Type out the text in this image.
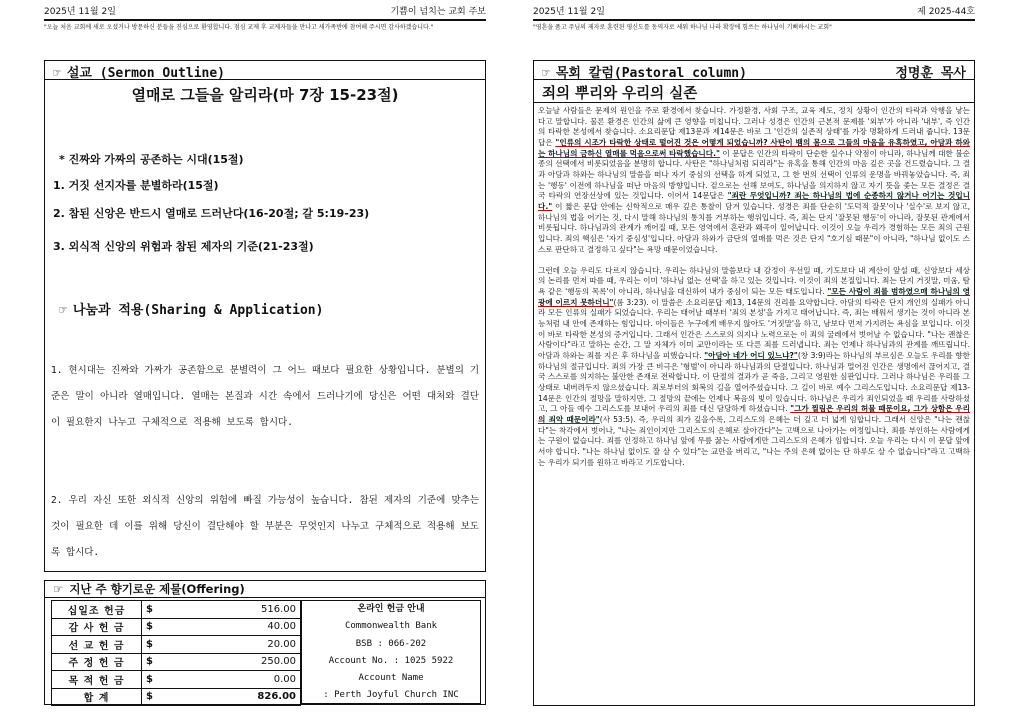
2025년 11월 2일	기쁨이 넘치는 교회 주보
"오늘 처음 교회에 새로 오셨거나 방문하신 분들을 진심으로 환영합니다. 점심 교제 후 교제자들을 만나고 새가족반에 참여해 주시면 감사하겠습니다."
2025년 11월 2일	제 2025-44호
"영혼을 품고 주님의 제자로 훈련된 평신도를 동역자로 세워 하나님 나라 확장에 힘쓰는 하나님이 기뻐하시는 교회"
☞ 설교 (Sermon Outline)
열매로 그들을 알리라(마 7장 15-23절)
* 진짜와 가짜의 공존하는 시대(15절)
1. 거짓 선지자를 분별하라(15절)
2. 참된 신앙은 반드시 열매로 드러난다(16-20절; 갈 5:19-23)
3. 외식적 신앙의 위험과 참된 제자의 기준(21-23절)
☞ 나눔과 적용(Sharing & Application)
1. 현시대는 진짜와 가짜가 공존함으로 분별력이 그 어느 때보다 필요한 상황입니다. 분별의 기준은 말이 아니라 열매입니다. 열매는 본질과 시간 속에서 드러나기에 당신은 어떤 대처와 결단이 필요한지 나누고 구체적으로 적용해 보도록 합시다.
2. 우리 자신 또한 외식적 신앙의 위험에 빠질 가능성이 높습니다. 참된 제자의 기준에 맞추는 것이 필요한 데 이를 위해 당신이 결단해야 할 부분은 무엇인지 나누고 구체적으로 적용해 보도록 합시다.
☞ 지난 주 향기로운 제물(Offering)
십일조 헌금	$ 516.00

감 사 헌 금	$ 40.00

선 교 헌 금	$ 20.00

주 정 헌 금	$ 250.00

목 적 헌 금	$ 0.00

합 계	$ 826.00
온라인 헌금 안내
Commonwealth Bank
BSB : 066-202
Account No. : 1025 5922
Account Name
: Perth Joyful Church INC
☞ 목회 칼럼(Pastoral column)	정명훈 목사
죄의 뿌리와 우리의 실존

오늘날 사람들은 문제의 원인을 주로 환경에서 찾습니다. 가정환경, 사회 구조, 교육 제도, 정치 상황이 인간의 타락과 악행을 낳는다고 말합니다. 물론 환경은 인간의 삶에 큰 영향을 미칩니다. 그러나 성경은 인간의 근본적 문제를 '외부'가 아니라 '내부', 즉 인간의 타락한 본성에서 찾습니다. 소요리문답 제13문과 제14문은 바로 그 '인간의 실존적 상태'를 가장 명확하게 드러내 줍니다. 13문답은 "인류의 시조가 타락한 상태로 떨어진 것은 어떻게 되었습니까? 사탄이 뱀의 몸으로 그들의 마음을 유혹하였고, 아담과 하와는 하나님의 금하신 열매를 먹음으로써 타락했습니다." 이 문답은 인간의 타락이 단순한 실수나 약점이 아니라, 하나님께 대한 불순종의 선택에서 비롯되었음을 분명히 합니다. 사탄은 "하나님처럼 되리라"는 유혹을 통해 인간의 마음 깊은 곳을 건드렸습니다. 그 결과 아담과 하와는 하나님의 말씀을 떠나 자기 중심의 선택을 하게 되었고, 그 한 번의 선택이 인류의 운명을 바꿔놓았습니다. 즉, 죄는 '행동' 이전에 하나님을 떠난 마음의 방향입니다. 겉으로는 선해 보여도, 하나님을 의지하지 않고 자기 뜻을 좇는 모든 결정은 결국 타락의 연장선상에 있는 것입니다. 이어서 14문답은 "죄란 무엇입니까? 죄는 하나님의 법에 순종하지 않거나 어기는 것입니다." 이 짧은 문답 안에는 신학적으로 매우 깊은 통찰이 담겨 있습니다. 성경은 죄를 단순히 '도덕적 잘못'이나 '실수'로 보지 않고, 하나님의 법을 어기는 것, 다시 말해 하나님의 통치를 거부하는 행위입니다. 즉, 죄는 단지 '잘못된 행동'이 아니라, 잘못된 관계에서 비롯됩니다. 하나님과의 관계가 깨어질 때, 모든 영역에서 혼란과 왜곡이 일어납니다. 이것이 오늘 우리가 경험하는 모든 죄의 근원입니다. 죄의 핵심은 '자기 중심성'입니다. 아담과 하와가 금단의 열매를 먹은 것은 단지 "호기심 때문"이 아니라, "하나님 없이도 스스로 판단하고 결정하고 싶다"는 욕망 때문이었습니다.

그런데 오늘 우리도 다르지 않습니다. 우리는 하나님의 말씀보다 내 감정이 우선일 때, 기도보다 내 계산이 앞설 때, 신앙보다 세상의 논리를 먼저 따를 때, 우리는 이미 '하나님 없는 선택'을 하고 있는 것입니다. 이것이 죄의 본질입니다. 죄는 단지 거짓말, 미움, 탐욕 같은 '행동의 목록'이 아니라, 하나님을 대신하여 내가 중심이 되는 모든 태도입니다. "모든 사람이 죄를 범하였으매 하나님의 영광에 이르지 못하더니"(롬 3:23). 이 말씀은 소요리문답 제13, 14문의 진리를 요약합니다. 아담의 타락은 단지 개인의 실패가 아니라 모든 인류의 실패가 되었습니다. 우리는 태어날 때부터 '죄의 본성'을 가지고 태어납니다. 즉, 죄는 배워서 생기는 것이 아니라 본능처럼 내 안에 존재하는 힘입니다. 아이들은 누구에게 배우지 않아도 '거짓말'을 하고, 남보다 먼저 가지려는 욕심을 보입니다. 이것이 바로 타락한 본성의 증거입니다. 그래서 인간은 스스로의 의지나 노력으로는 이 죄의 굴레에서 벗어날 수 없습니다. "나는 괜찮은 사람이다"라고 말하는 순간, 그 말 자체가 이미 교만이라는 또 다른 죄를 드러냅니다. 죄는 언제나 하나님과의 관계를 깨뜨립니다. 아담과 하와는 죄를 지은 후 하나님을 피했습니다. "아담아 네가 어디 있느냐?"(창 3:9)라는 하나님의 부르심은 오늘도 우리를 향한 하나님의 절규입니다. 죄의 가장 큰 비극은 '형벌'이 아니라 하나님과의 단절입니다. 하나님과 멀어진 인간은 생명에서 끊어지고, 결국 스스로를 의지하는 불안한 존재로 전락합니다. 이 단절의 결과가 곧 죽음, 그리고 영원한 심판입니다. 그러나 하나님은 우리를 그 상태로 내버려두지 않으셨습니다. 죄로부터의 회복의 길을 열어주셨습니다. 그 길이 바로 예수 그리스도입니다. 소요리문답 제13-14문은 인간의 절망을 말하지만, 그 절망의 끝에는 언제나 복음의 빛이 있습니다. 하나님은 우리가 죄인되었을 때 우리를 사랑하셨고, 그 아들 예수 그리스도를 보내어 우리의 죄를 대신 담당하게 하셨습니다. "그가 찔림은 우리의 허물 때문이요, 그가 상함은 우리의 죄악 때문이라"(사 53:5). 즉, 우리의 죄가 깊을수록, 그리스도의 은혜는 더 깊고 더 넓게 임합니다. 그래서 신앙은 "나는 괜찮다"는 착각에서 벗어나, "나는 죄인이지만 그리스도의 은혜로 살아간다"는 고백으로 나아가는 여정입니다. 죄를 부인하는 사람에게는 구원이 없습니다. 죄를 인정하고 하나님 앞에 무릎 꿇는 사람에게만 그리스도의 은혜가 임합니다. 오늘 우리는 다시 이 문답 앞에 서야 합니다. "나는 하나님 없이도 잘 살 수 있다"는 교만을 버리고, "나는 주의 은혜 없이는 단 하루도 살 수 없습니다"라고 고백하는 우리가 되기를 원하고 바라고 기도합니다.
